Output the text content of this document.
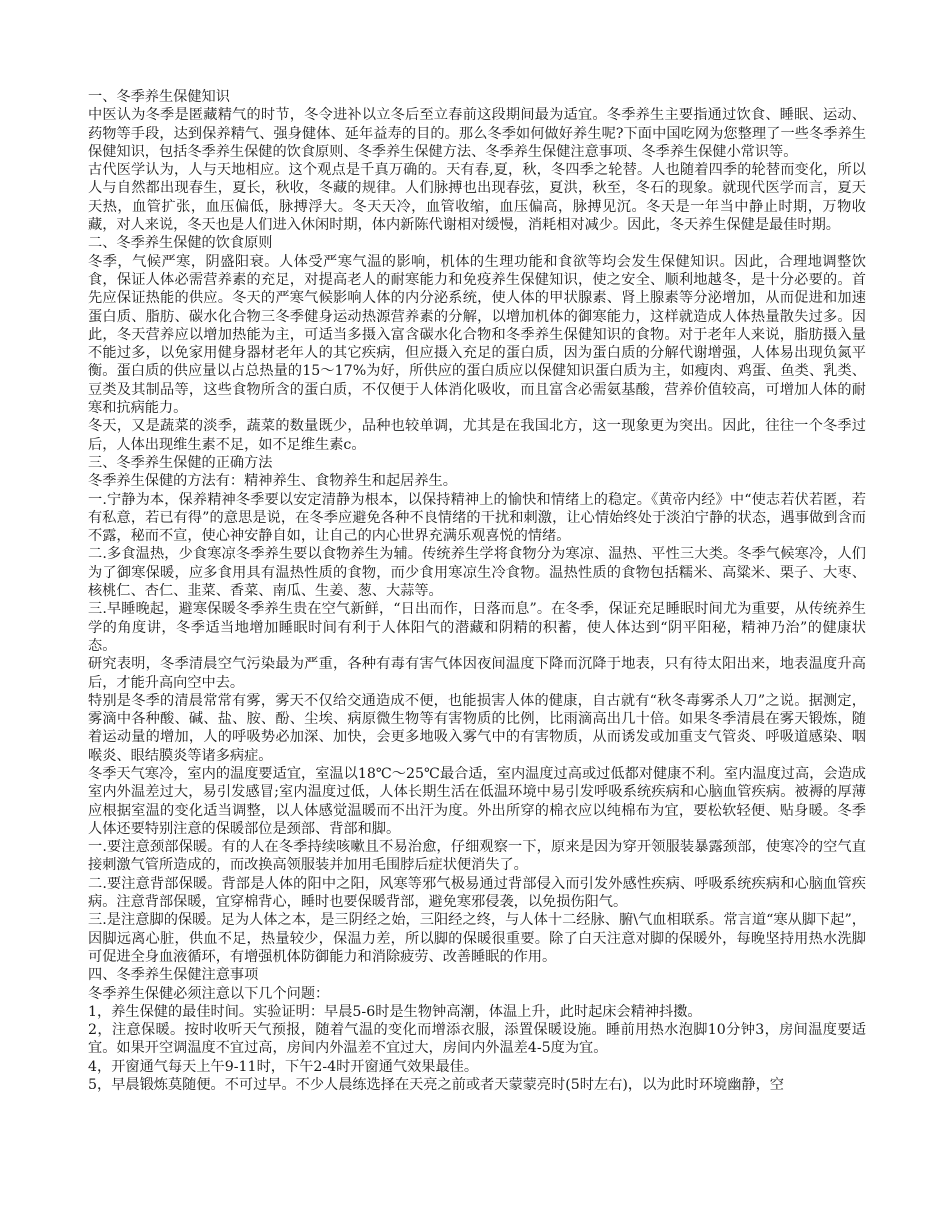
一、冬季养生保健知识

中医认为冬季是匿藏精气的时节，冬令进补以立冬后至立春前这段期间最为适宜。冬季养生主要指通过饮食、睡眠、运动、药物等手段，达到保养精气、强身健体、延年益寿的目的。那么冬季如何做好养生呢?下面中国吃网为您整理了一些冬季养生保健知识，包括冬季养生保健的饮食原则、冬季养生保健方法、冬季养生保健注意事项、冬季养生保健小常识等。

古代医学认为，人与天地相应。这个观点是千真万确的。天有春,夏，秋，冬四季之轮替。人也随着四季的轮替而变化，所以人与自然都出现春生，夏长，秋收，冬藏的规律。人们脉搏也出现春弦，夏洪，秋至，冬石的现象。就现代医学而言，夏天天热，血管扩张，血压偏低，脉搏浮大。冬天天冷，血管收缩，血压偏高，脉搏见沉。冬天是一年当中静止时期，万物收藏，对人来说，冬天也是人们进入休闲时期，体内新陈代谢相对缓慢，消耗相对减少。因此，冬天养生保健是最佳时期。

二、冬季养生保健的饮食原则

冬季，气候严寒，阴盛阳衰。人体受严寒气温的影响，机体的生理功能和食欲等均会发生保健知识。因此，合理地调整饮食，保证人体必需营养素的充足，对提高老人的耐寒能力和免疫养生保健知识，使之安全、顺利地越冬，是十分必要的。首先应保证热能的供应。冬天的严寒气候影响人体的内分泌系统，使人体的甲状腺素、肾上腺素等分泌增加，从而促进和加速蛋白质、脂肪、碳水化合物三冬季健身运动热源营养素的分解，以增加机体的御寒能力，这样就造成人体热量散失过多。因此，冬天营养应以增加热能为主，可适当多摄入富含碳水化合物和冬季养生保健知识的食物。对于老年人来说，脂肪摄入量不能过多，以免家用健身器材老年人的其它疾病，但应摄入充足的蛋白质，因为蛋白质的分解代谢增强，人体易出现负氮平衡。蛋白质的供应量以占总热量的15～17%为好，所供应的蛋白质应以保健知识蛋白质为主，如瘦肉、鸡蛋、鱼类、乳类、豆类及其制品等，这些食物所含的蛋白质，不仅便于人体消化吸收，而且富含必需氨基酸，营养价值较高，可增加人体的耐寒和抗病能力。

冬天，又是蔬菜的淡季，蔬菜的数量既少，品种也较单调，尤其是在我国北方，这一现象更为突出。因此，往往一个冬季过后，人体出现维生素不足，如不足维生素c。

三、冬季养生保健的正确方法

冬季养生保健的方法有：精神养生、食物养生和起居养生。

一.宁静为本，保养精神冬季要以安定清静为根本，以保持精神上的愉快和情绪上的稳定。《黄帝内经》中“使志若伏若匿，若有私意，若已有得”的意思是说，在冬季应避免各种不良情绪的干扰和刺激，让心情始终处于淡泊宁静的状态，遇事做到含而不露，秘而不宣，使心神安静自如，让自己的内心世界充满乐观喜悦的情绪。

二.多食温热，少食寒凉冬季养生要以食物养生为辅。传统养生学将食物分为寒凉、温热、平性三大类。冬季气候寒冷，人们为了御寒保暖，应多食用具有温热性质的食物，而少食用寒凉生冷食物。温热性质的食物包括糯米、高粱米、栗子、大枣、核桃仁、杏仁、韭菜、香菜、南瓜、生姜、葱、大蒜等。

三.早睡晚起，避寒保暖冬季养生贵在空气新鲜，“日出而作，日落而息”。在冬季，保证充足睡眠时间尤为重要，从传统养生学的角度讲，冬季适当地增加睡眠时间有利于人体阳气的潜藏和阴精的积蓄，使人体达到“阴平阳秘，精神乃治”的健康状态。

研究表明，冬季清晨空气污染最为严重，各种有毒有害气体因夜间温度下降而沉降于地表，只有待太阳出来，地表温度升高后，才能升高向空中去。

特别是冬季的清晨常常有雾，雾天不仅给交通造成不便，也能损害人体的健康，自古就有“秋冬毒雾杀人刀”之说。据测定，雾滴中各种酸、碱、盐、胺、酚、尘埃、病原微生物等有害物质的比例，比雨滴高出几十倍。如果冬季清晨在雾天锻炼，随着运动量的增加，人的呼吸势必加深、加快，会更多地吸入雾气中的有害物质，从而诱发或加重支气管炎、呼吸道感染、咽喉炎、眼结膜炎等诸多病症。

冬季天气寒冷，室内的温度要适宜，室温以18℃～25℃最合适，室内温度过高或过低都对健康不利。室内温度过高，会造成室内外温差过大，易引发感冒;室内温度过低，人体长期生活在低温环境中易引发呼吸系统疾病和心脑血管疾病。被褥的厚薄应根据室温的变化适当调整，以人体感觉温暖而不出汗为度。外出所穿的棉衣应以纯棉布为宜，要松软轻便、贴身暖。冬季人体还要特别注意的保暖部位是颈部、背部和脚。

一.要注意颈部保暖。有的人在冬季持续咳嗽且不易治愈，仔细观察一下，原来是因为穿开领服装暴露颈部，使寒冷的空气直接刺激气管所造成的，而改换高领服装并加用毛围脖后症状便消失了。

二.要注意背部保暖。背部是人体的阳中之阳，风寒等邪气极易通过背部侵入而引发外感性疾病、呼吸系统疾病和心脑血管疾病。注意背部保暖，宜穿棉背心，睡时也要保暖背部，避免寒邪侵袭，以免损伤阳气。

三.是注意脚的保暖。足为人体之本，是三阴经之始，三阳经之终，与人体十二经脉、腑\气血相联系。常言道“寒从脚下起”，因脚远离心脏，供血不足，热量较少，保温力差，所以脚的保暖很重要。除了白天注意对脚的保暖外，每晚坚持用热水洗脚可促进全身血液循环，有增强机体防御能力和消除疲劳、改善睡眠的作用。

四、冬季养生保健注意事项

冬季养生保健必须注意以下几个问题：

1，养生保健的最佳时间。实验证明：早晨5-6时是生物钟高潮，体温上升，此时起床会精神抖擞。

2，注意保暖。按时收听天气预报，随着气温的变化而增添衣服，添置保暖设施。睡前用热水泡脚10分钟3，房间温度要适宜。如果开空调温度不宜过高，房间内外温差不宜过大，房间内外温差4-5度为宜。

4，开窗通气每天上午9-11时，下午2-4时开窗通气效果最佳。

5，早晨锻炼莫随便。不可过早。不少人晨练选择在天亮之前或者天蒙蒙亮时(5时左右)，以为此时环境幽静，空
